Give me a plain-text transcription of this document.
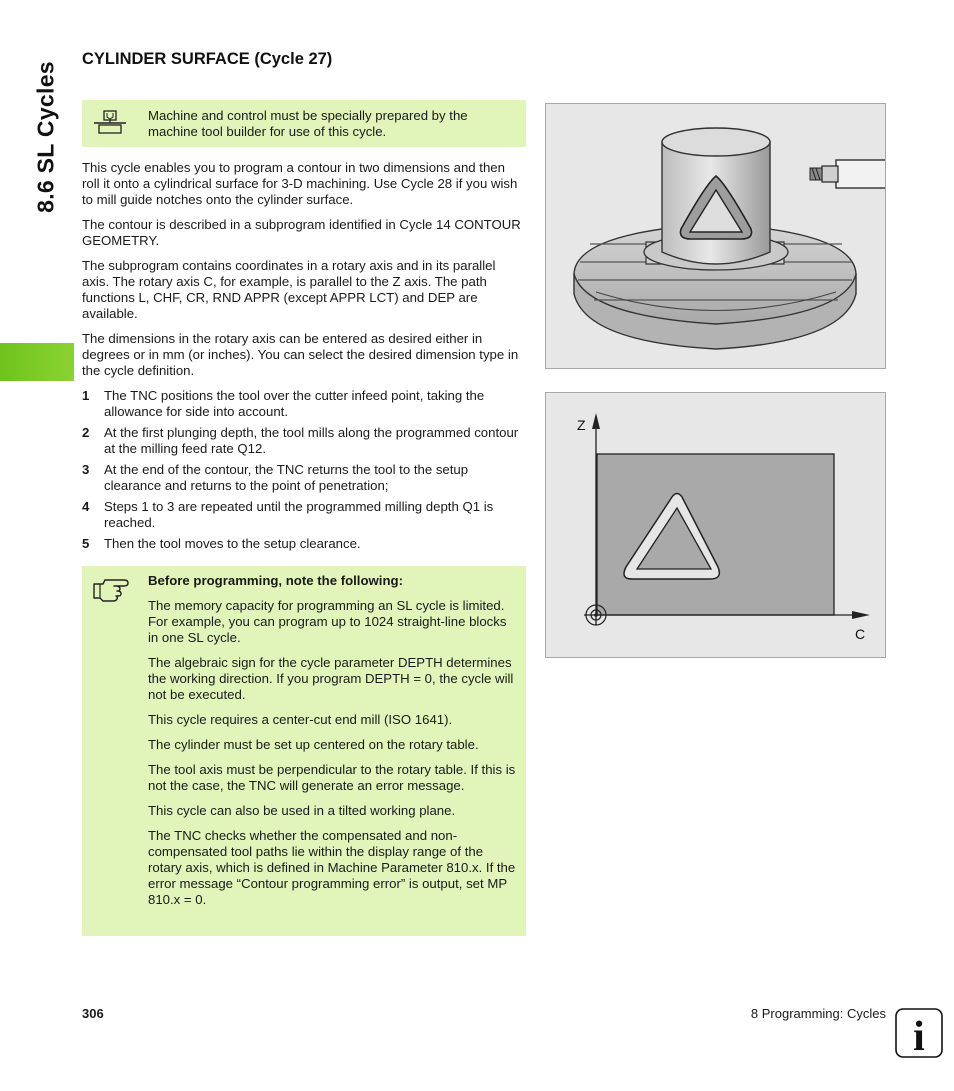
8.6 SL Cycles
CYLINDER SURFACE (Cycle 27)
Machine and control must be specially prepared by the machine tool builder for use of this cycle.

This cycle enables you to program a contour in two dimensions and then roll it onto a cylindrical surface for 3-D machining. Use Cycle 28 if you wish to mill guide notches onto the cylinder surface.

The contour is described in a subprogram identified in Cycle 14 CONTOUR GEOMETRY.

The subprogram contains coordinates in a rotary axis and in its parallel axis. The rotary axis C, for example, is parallel to the Z axis. The path functions L, CHF, CR, RND APPR (except APPR LCT) and DEP are available.

The dimensions in the rotary axis can be entered as desired either in degrees or in mm (or inches). You can select the desired dimension type in the cycle definition.

1 The TNC positions the tool over the cutter infeed point, taking the allowance for side into account.
2 At the first plunging depth, the tool mills along the programmed contour at the milling feed rate Q12.
3 At the end of the contour, the TNC returns the tool to the setup clearance and returns to the point of penetration;
4 Steps 1 to 3 are repeated until the programmed milling depth Q1 is reached.
5 Then the tool moves to the setup clearance.

Before programming, note the following:

The memory capacity for programming an SL cycle is limited. For example, you can program up to 1024 straight-line blocks in one SL cycle.

The algebraic sign for the cycle parameter DEPTH determines the working direction. If you program DEPTH = 0, the cycle will not be executed.

This cycle requires a center-cut end mill (ISO 1641).

The cylinder must be set up centered on the rotary table.

The tool axis must be perpendicular to the rotary table. If this is not the case, the TNC will generate an error message.

This cycle can also be used in a tilted working plane.

The TNC checks whether the compensated and non-compensated tool paths lie within the display range of the rotary axis, which is defined in Machine Parameter 810.x. If the error message “Contour programming error” is output, set MP 810.x = 0.

Z
C
306	8 Programming: Cycles
i
